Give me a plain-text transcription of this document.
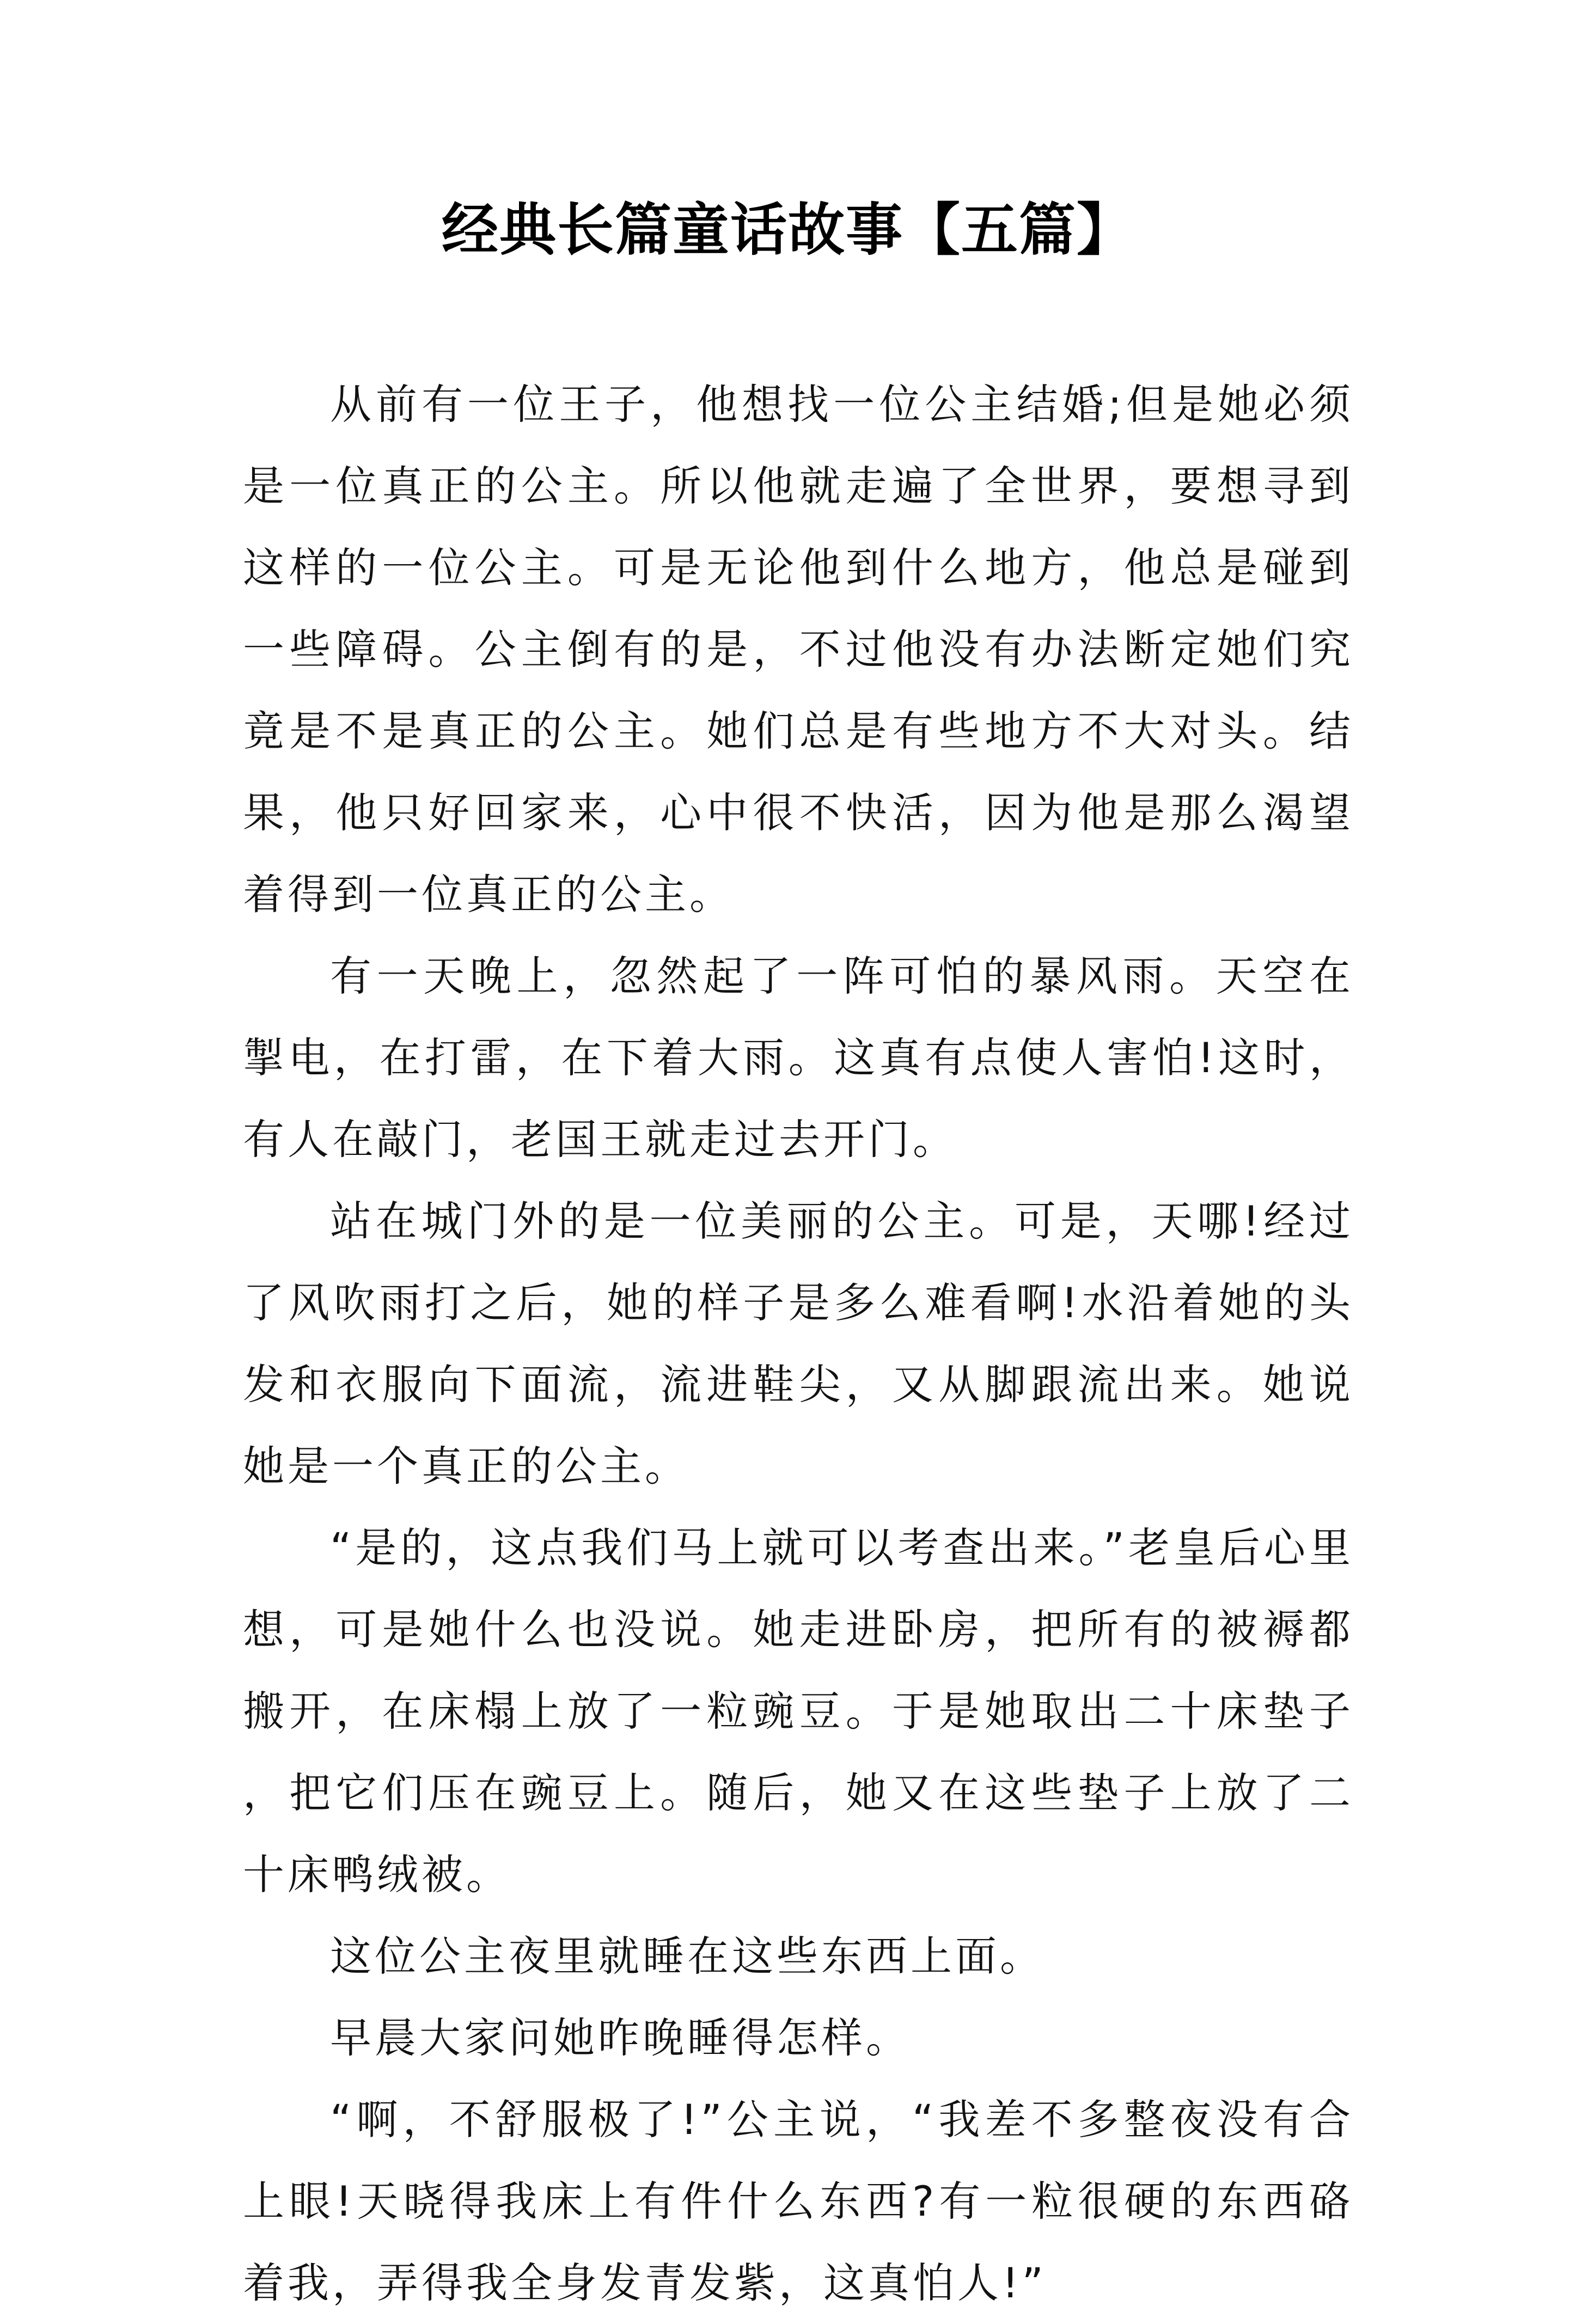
经典长篇童话故事【五篇】

从前有一位王子，他想找一位公主结婚;但是她必须是一位真正的公主。所以他就走遍了全世界，要想寻到这样的一位公主。可是无论他到什么地方，他总是碰到一些障碍。公主倒有的是，不过他没有办法断定她们究竟是不是真正的公主。她们总是有些地方不大对头。结果，他只好回家来，心中很不快活，因为他是那么渴望着得到一位真正的公主。

有一天晚上，忽然起了一阵可怕的暴风雨。天空在掣电，在打雷，在下着大雨。这真有点使人害怕!这时，有人在敲门，老国王就走过去开门。

站在城门外的是一位美丽的公主。可是，天哪!经过了风吹雨打之后，她的样子是多么难看啊!水沿着她的头发和衣服向下面流，流进鞋尖，又从脚跟流出来。她说她是一个真正的公主。

“是的，这点我们马上就可以考查出来。”老皇后心里想，可是她什么也没说。她走进卧房，把所有的被褥都搬开，在床榻上放了一粒豌豆。于是她取出二十床垫子，把它们压在豌豆上。随后，她又在这些垫子上放了二十床鸭绒被。

这位公主夜里就睡在这些东西上面。

早晨大家问她昨晚睡得怎样。

“啊，不舒服极了!”公主说，“我差不多整夜没有合上眼!天晓得我床上有件什么东西?有一粒很硬的东西硌着我，弄得我全身发青发紫，这真怕人!”
